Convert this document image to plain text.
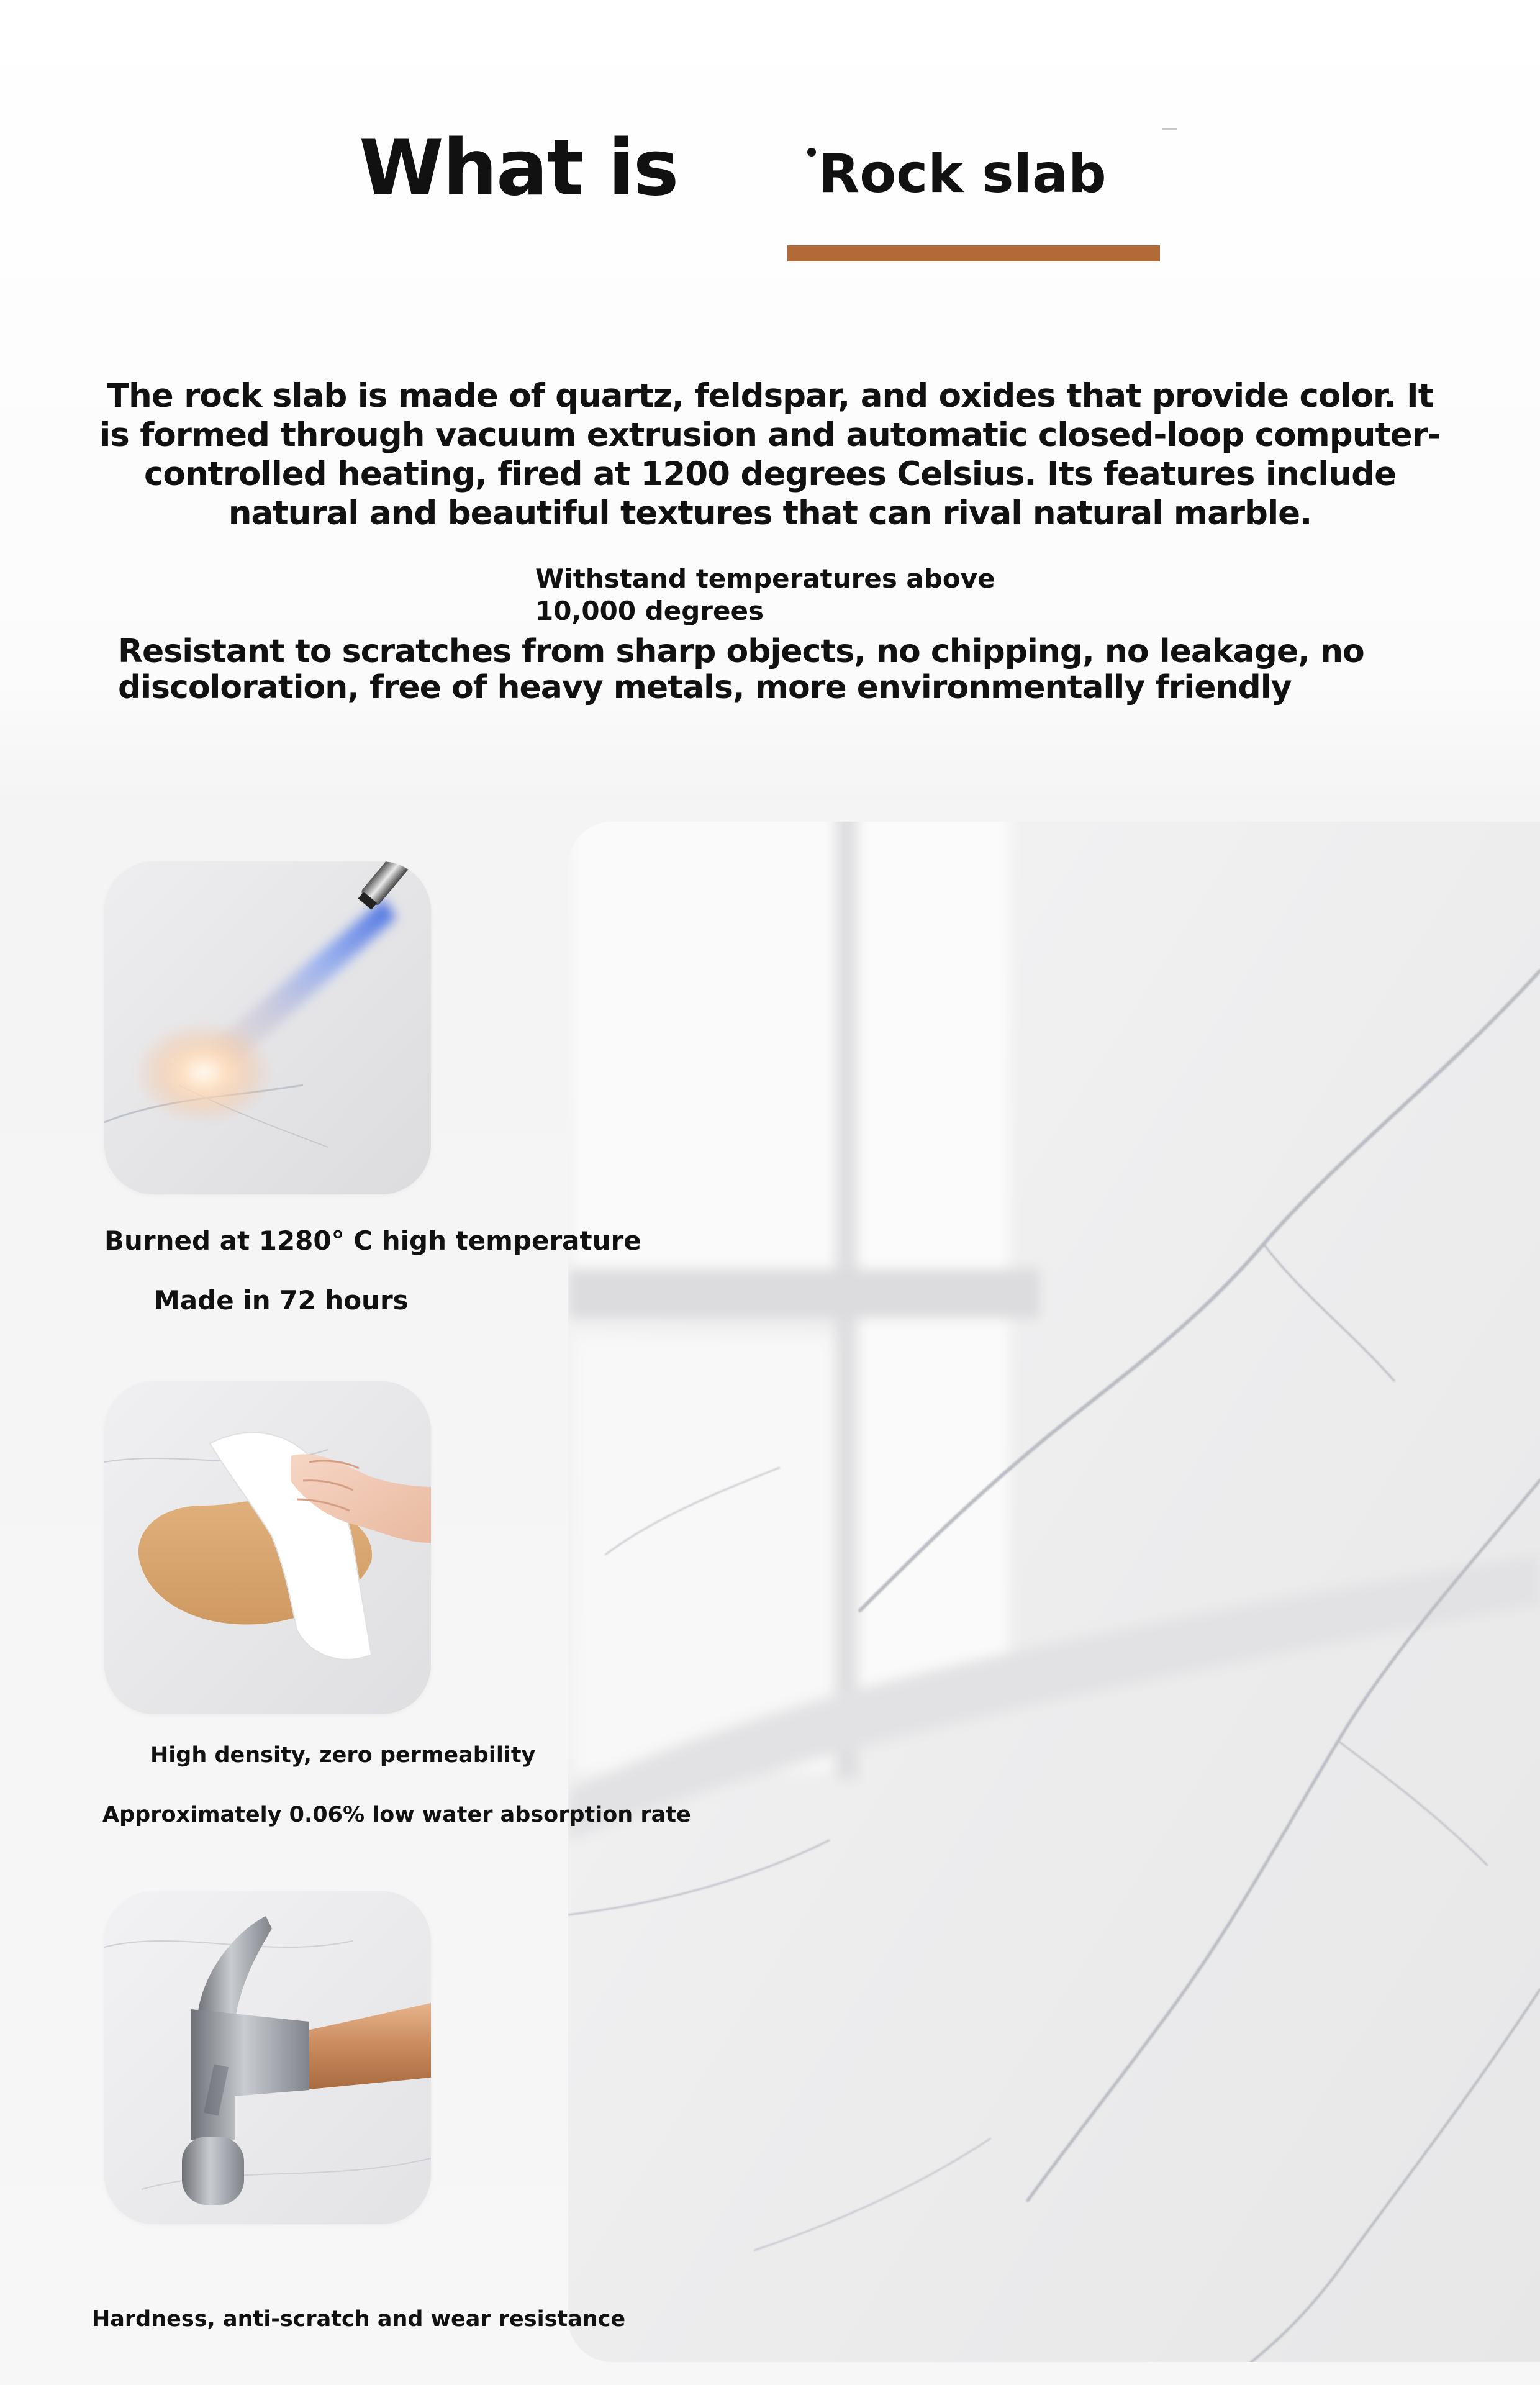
What is	Rock slab

The rock slab is made of quartz, feldspar, and oxides that provide color. It is formed through vacuum extrusion and automatic closed-loop computer-controlled heating, fired at 1200 degrees Celsius. Its features include natural and beautiful textures that can rival natural marble.

Withstand temperatures above
10,000 degrees

Resistant to scratches from sharp objects, no chipping, no leakage, no discoloration, free of heavy metals, more environmentally friendly

Burned at 1280° C high temperature

Made in 72 hours

High density, zero permeability

Approximately 0.06% low water absorption rate

Hardness, anti-scratch and wear resistance
